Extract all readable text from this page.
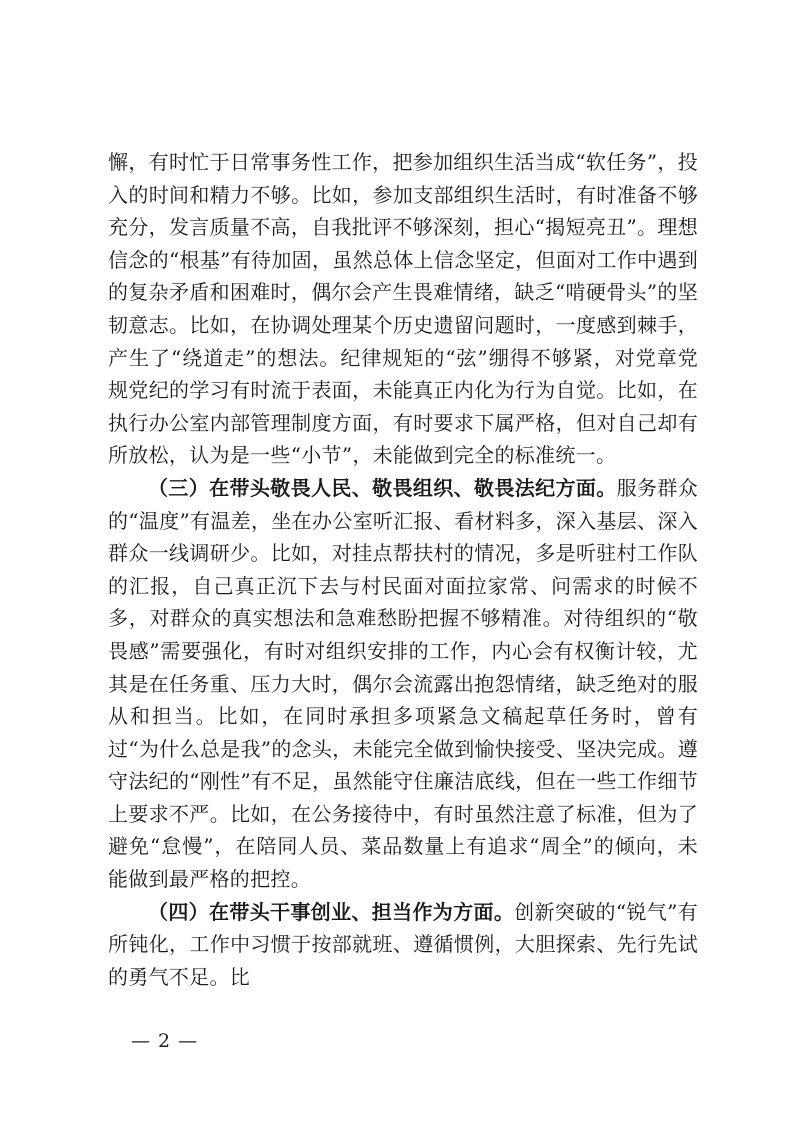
懈，有时忙于日常事务性工作，把参加组织生活当成“软任务”，投入的时间和精力不够。比如，参加支部组织生活时，有时准备不够充分，发言质量不高，自我批评不够深刻，担心“揭短亮丑”。理想信念的“根基”有待加固，虽然总体上信念坚定，但面对工作中遇到的复杂矛盾和困难时，偶尔会产生畏难情绪，缺乏“啃硬骨头”的坚韧意志。比如，在协调处理某个历史遗留问题时，一度感到棘手，产生了“绕道走”的想法。纪律规矩的“弦”绷得不够紧，对党章党规党纪的学习有时流于表面，未能真正内化为行为自觉。比如，在执行办公室内部管理制度方面，有时要求下属严格，但对自己却有所放松，认为是一些“小节”，未能做到完全的标准统一。

（三）在带头敬畏人民、敬畏组织、敬畏法纪方面。服务群众的“温度”有温差，坐在办公室听汇报、看材料多，深入基层、深入群众一线调研少。比如，对挂点帮扶村的情况，多是听驻村工作队的汇报，自己真正沉下去与村民面对面拉家常、问需求的时候不多，对群众的真实想法和急难愁盼把握不够精准。对待组织的“敬畏感”需要强化，有时对组织安排的工作，内心会有权衡计较，尤其是在任务重、压力大时，偶尔会流露出抱怨情绪，缺乏绝对的服从和担当。比如，在同时承担多项紧急文稿起草任务时，曾有过“为什么总是我”的念头，未能完全做到愉快接受、坚决完成。遵守法纪的“刚性”有不足，虽然能守住廉洁底线，但在一些工作细节上要求不严。比如，在公务接待中，有时虽然注意了标准，但为了避免“怠慢”，在陪同人员、菜品数量上有追求“周全”的倾向，未能做到最严格的把控。

（四）在带头干事创业、担当作为方面。创新突破的“锐气”有所钝化，工作中习惯于按部就班、遵循惯例，大胆探索、先行先试的勇气不足。比

— 2 —
